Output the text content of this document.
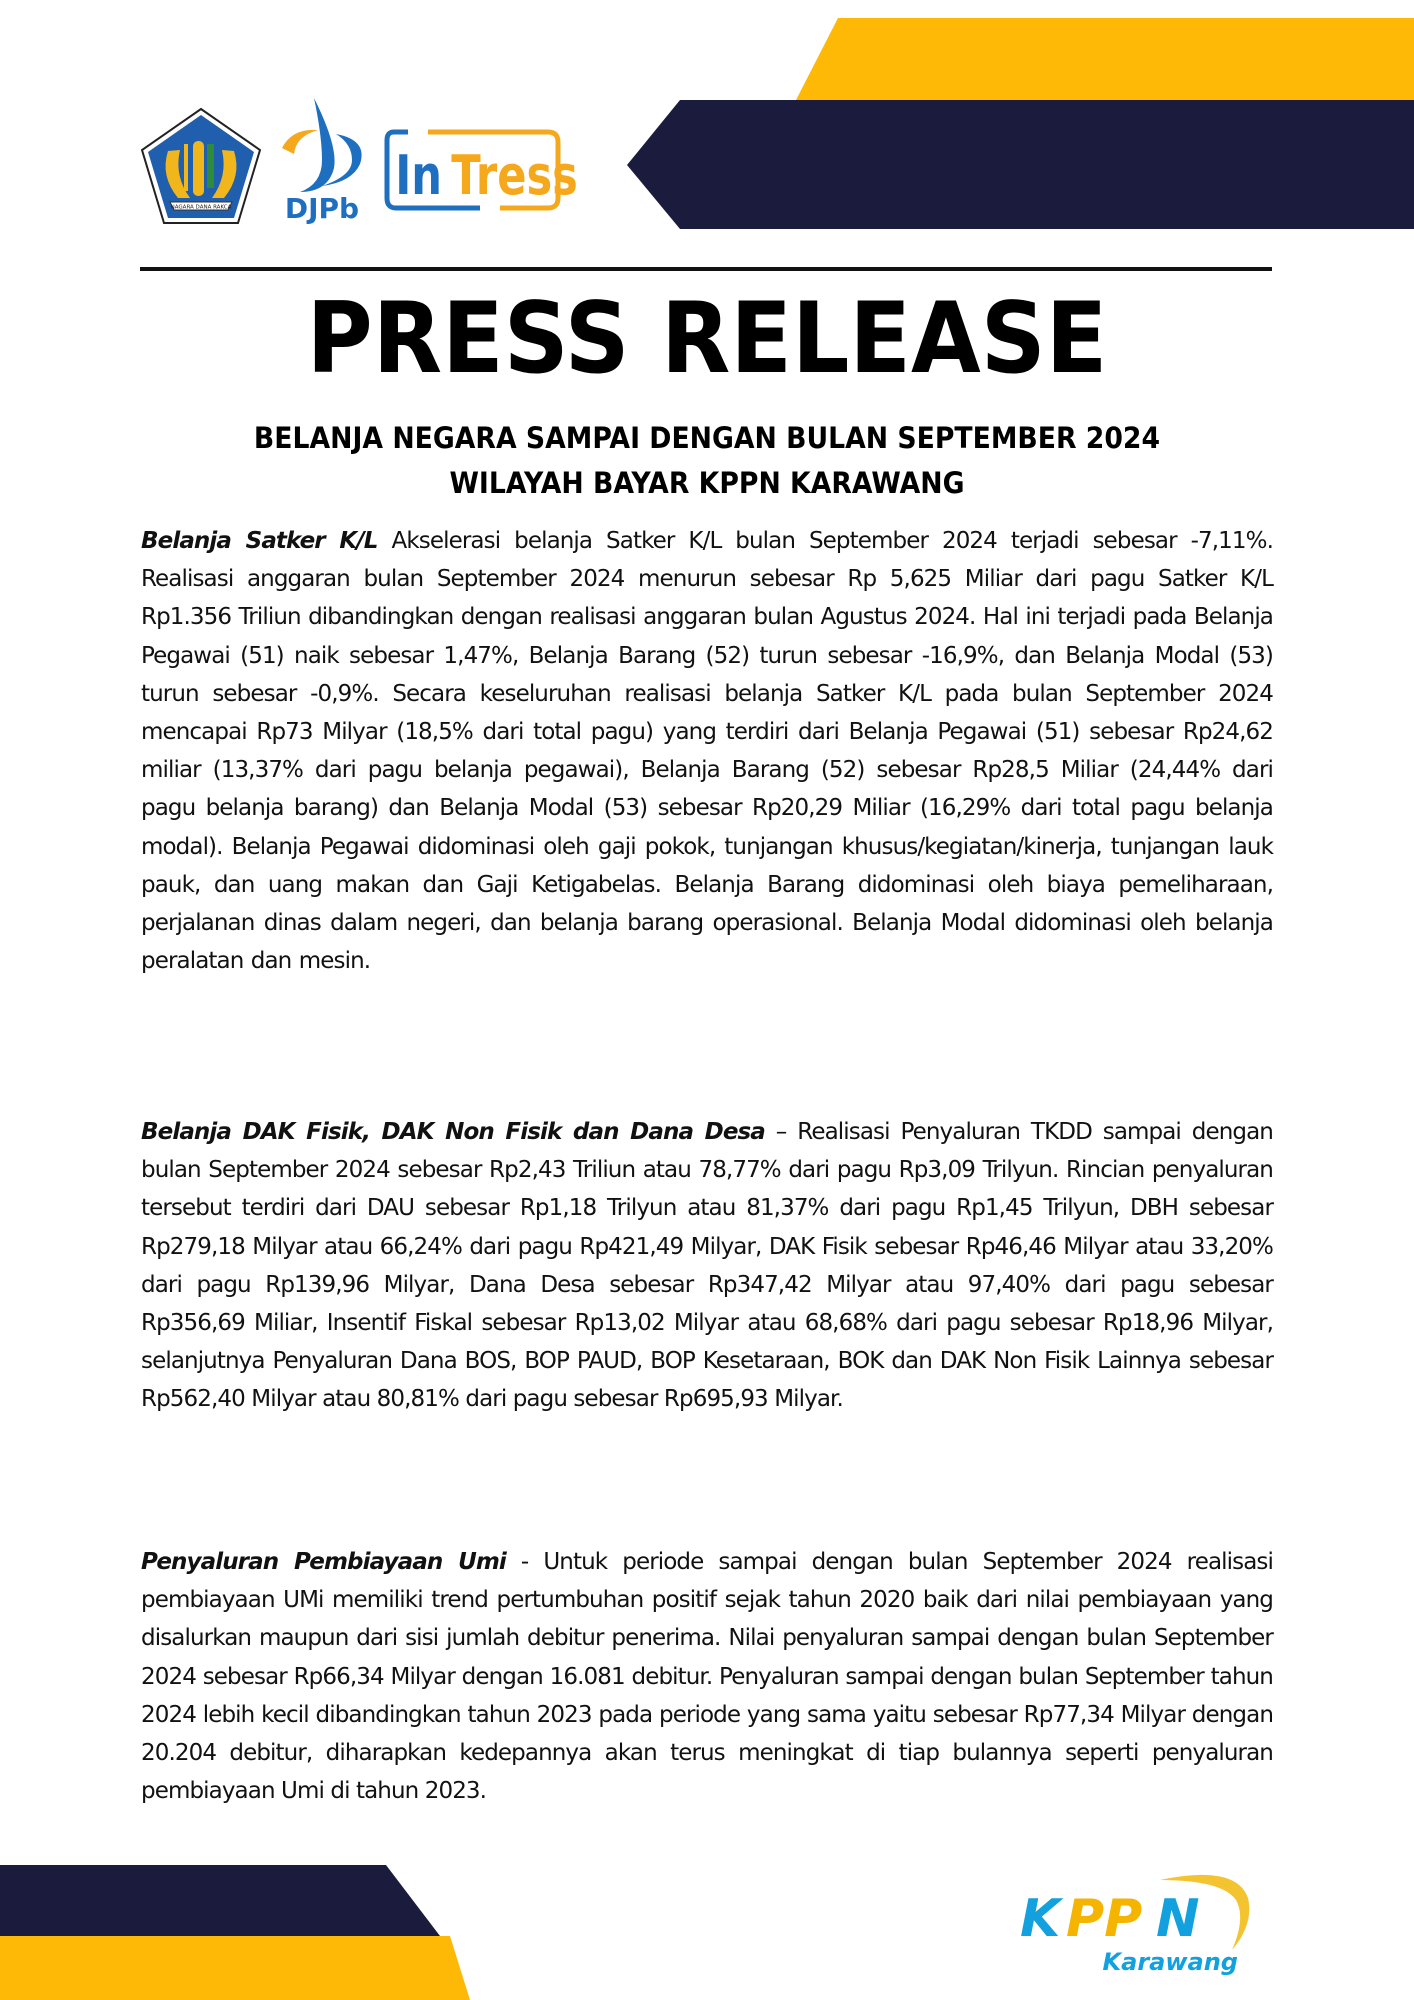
NAGARA DANA RAKCA DJPb
In Tress
PRESS RELEASE
BELANJA NEGARA SAMPAI DENGAN BULAN SEPTEMBER 2024
WILAYAH BAYAR KPPN KARAWANG

Belanja Satker K/L Akselerasi belanja Satker K/L bulan September 2024 terjadi sebesar -7,11%. Realisasi anggaran bulan September 2024 menurun sebesar Rp 5,625 Miliar dari pagu Satker K/L Rp1.356 Triliun dibandingkan dengan realisasi anggaran bulan Agustus 2024. Hal ini terjadi pada Belanja Pegawai (51) naik sebesar 1,47%, Belanja Barang (52) turun sebesar -16,9%, dan Belanja Modal (53) turun sebesar -0,9%. Secara keseluruhan realisasi belanja Satker K/L pada bulan September 2024 mencapai Rp73 Milyar (18,5% dari total pagu) yang terdiri dari Belanja Pegawai (51) sebesar Rp24,62 miliar (13,37% dari pagu belanja pegawai), Belanja Barang (52) sebesar Rp28,5 Miliar (24,44% dari pagu belanja barang) dan Belanja Modal (53) sebesar Rp20,29 Miliar (16,29% dari total pagu belanja modal). Belanja Pegawai didominasi oleh gaji pokok, tunjangan khusus/kegiatan/kinerja, tunjangan lauk pauk, dan uang makan dan Gaji Ketigabelas. Belanja Barang didominasi oleh biaya pemeliharaan, perjalanan dinas dalam negeri, dan belanja barang operasional. Belanja Modal didominasi oleh belanja peralatan dan mesin.

Belanja DAK Fisik, DAK Non Fisik dan Dana Desa – Realisasi Penyaluran TKDD sampai dengan bulan September 2024 sebesar Rp2,43 Triliun atau 78,77% dari pagu Rp3,09 Trilyun. Rincian penyaluran tersebut terdiri dari DAU sebesar Rp1,18 Trilyun atau 81,37% dari pagu Rp1,45 Trilyun, DBH sebesar Rp279,18 Milyar atau 66,24% dari pagu Rp421,49 Milyar, DAK Fisik sebesar Rp46,46 Milyar atau 33,20% dari pagu Rp139,96 Milyar, Dana Desa sebesar Rp347,42 Milyar atau 97,40% dari pagu sebesar Rp356,69 Miliar, Insentif Fiskal sebesar Rp13,02 Milyar atau 68,68% dari pagu sebesar Rp18,96 Milyar, selanjutnya Penyaluran Dana BOS, BOP PAUD, BOP Kesetaraan, BOK dan DAK Non Fisik Lainnya sebesar Rp562,40 Milyar atau 80,81% dari pagu sebesar Rp695,93 Milyar.

Penyaluran Pembiayaan Umi - Untuk periode sampai dengan bulan September 2024 realisasi pembiayaan UMi memiliki trend pertumbuhan positif sejak tahun 2020 baik dari nilai pembiayaan yang disalurkan maupun dari sisi jumlah debitur penerima. Nilai penyaluran sampai dengan bulan September 2024 sebesar Rp66,34 Milyar dengan 16.081 debitur. Penyaluran sampai dengan bulan September tahun 2024 lebih kecil dibandingkan tahun 2023 pada periode yang sama yaitu sebesar Rp77,34 Milyar dengan 20.204 debitur, diharapkan kedepannya akan terus meningkat di tiap bulannya seperti penyaluran pembiayaan Umi di tahun 2023.

K PP N
Karawang
